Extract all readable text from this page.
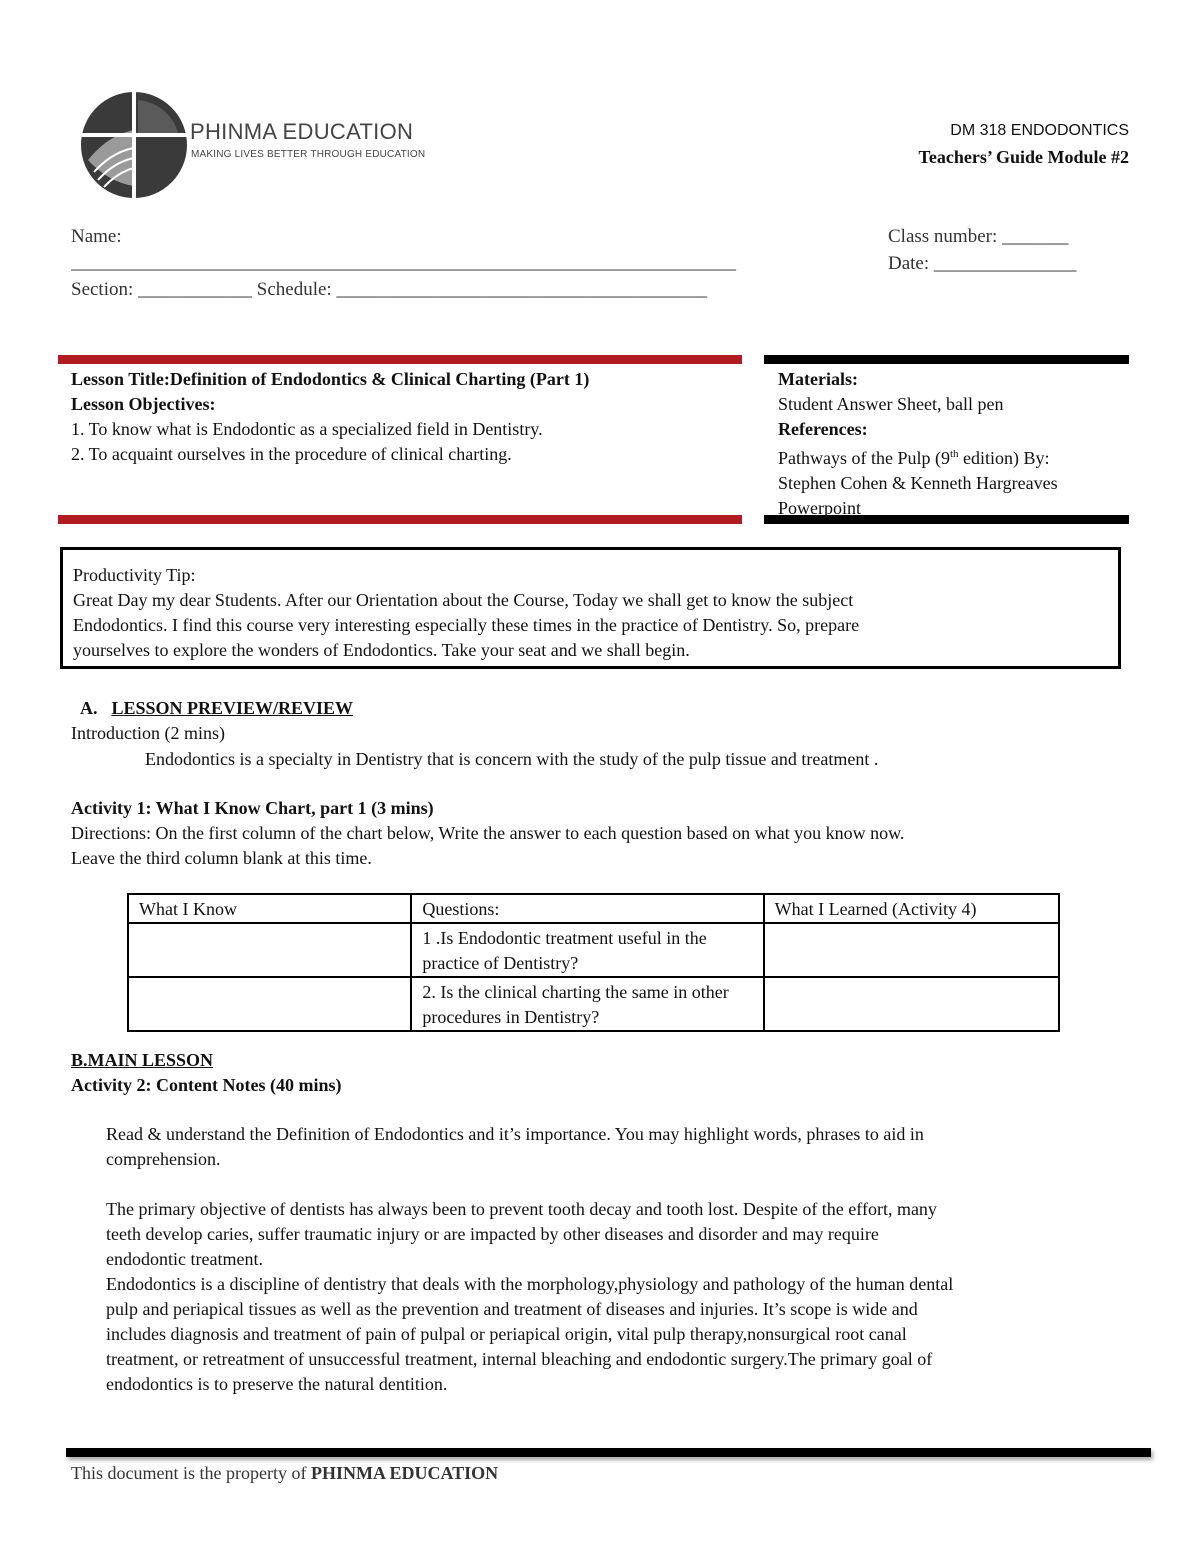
PHINMA EDUCATION
MAKING LIVES BETTER THROUGH EDUCATION
DM 318 ENDODONTICS
Teachers’ Guide Module #2
Name:
______________________________________________________________________
Section: ____________ Schedule: _______________________________________
Class number: _______
Date: _______________
Lesson Title:Definition of Endodontics & Clinical Charting (Part 1)
Lesson Objectives:
1. To know what is Endodontic as a specialized field in Dentistry.
2. To acquaint ourselves in the procedure of clinical charting.
Materials:
Student Answer Sheet, ball pen
References:
Pathways of the Pulp (9th edition) By:
Stephen Cohen & Kenneth Hargreaves
Powerpoint
Productivity Tip:
Great Day my dear Students. After our Orientation about the Course, Today we shall get to know the subject
Endodontics. I find this course very interesting especially these times in the practice of Dentistry. So, prepare
yourselves to explore the wonders of Endodontics. Take your seat and we shall begin.
A. LESSON PREVIEW/REVIEW
Introduction (2 mins)
Endodontics is a specialty in Dentistry that is concern with the study of the pulp tissue and treatment .
Activity 1: What I Know Chart, part 1 (3 mins)
Directions: On the first column of the chart below, Write the answer to each question based on what you know now.
Leave the third column blank at this time.
What I Know	Questions:	What I Learned (Activity 4)
	1 .Is Endodontic treatment useful in the practice of Dentistry?	
	2. Is the clinical charting the same in other procedures in Dentistry?	
B.MAIN LESSON
Activity 2: Content Notes (40 mins)
Read & understand the Definition of Endodontics and it’s importance. You may highlight words, phrases to aid in
comprehension.
The primary objective of dentists has always been to prevent tooth decay and tooth lost. Despite of the effort, many
teeth develop caries, suffer traumatic injury or are impacted by other diseases and disorder and may require
endodontic treatment.
Endodontics is a discipline of dentistry that deals with the morphology,physiology and pathology of the human dental
pulp and periapical tissues as well as the prevention and treatment of diseases and injuries. It’s scope is wide and
includes diagnosis and treatment of pain of pulpal or periapical origin, vital pulp therapy,nonsurgical root canal
treatment, or retreatment of unsuccessful treatment, internal bleaching and endodontic surgery.The primary goal of
endodontics is to preserve the natural dentition.
This document is the property of PHINMA EDUCATION
